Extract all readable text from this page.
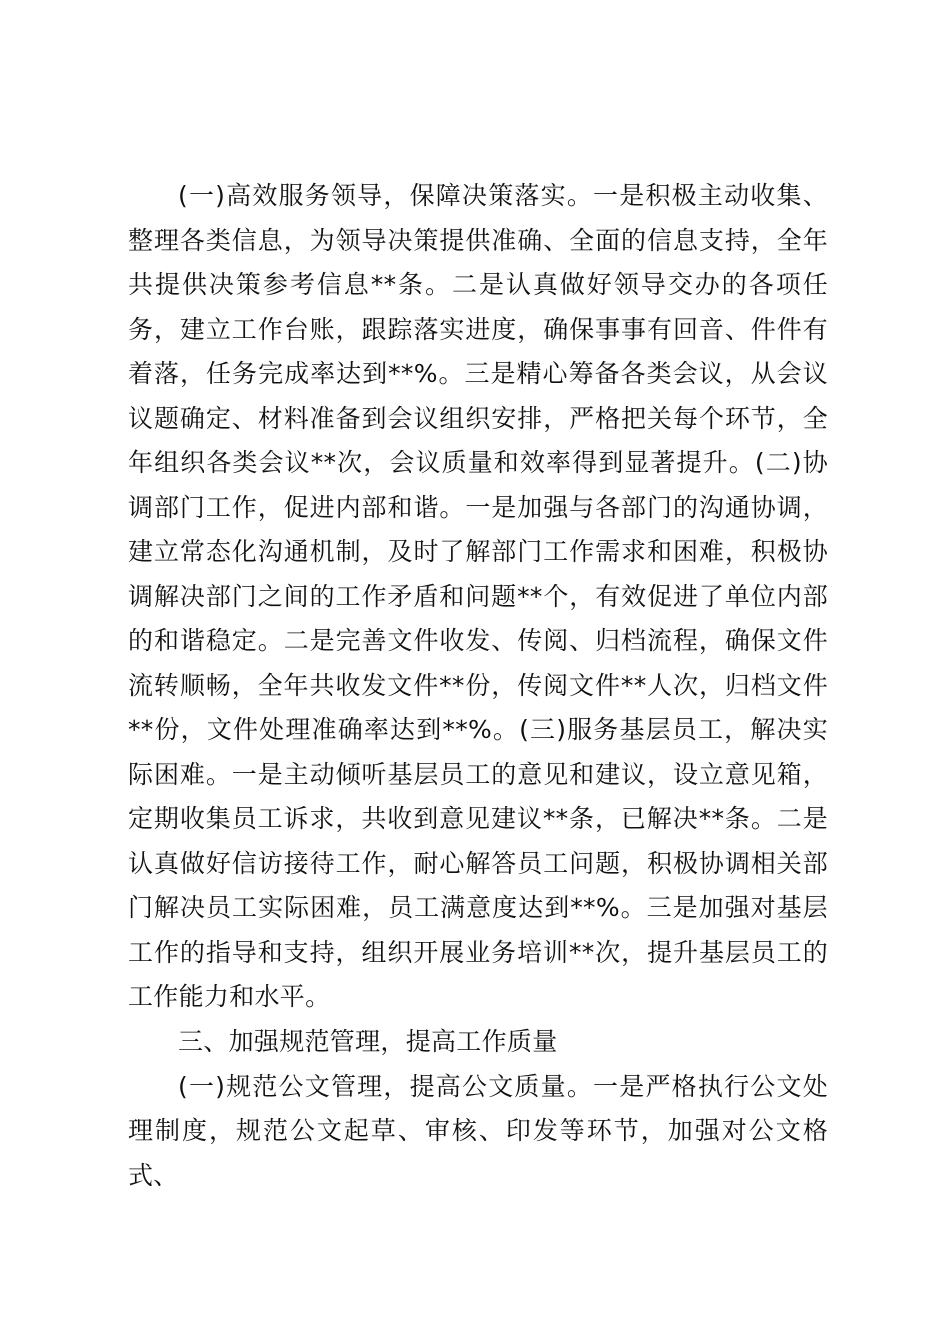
(一)高效服务领导，保障决策落实。一是积极主动收集、整理各类信息，为领导决策提供准确、全面的信息支持，全年共提供决策参考信息**条。二是认真做好领导交办的各项任务，建立工作台账，跟踪落实进度，确保事事有回音、件件有着落，任务完成率达到**%。三是精心筹备各类会议，从会议议题确定、材料准备到会议组织安排，严格把关每个环节，全年组织各类会议**次，会议质量和效率得到显著提升。(二)协调部门工作，促进内部和谐。一是加强与各部门的沟通协调，建立常态化沟通机制，及时了解部门工作需求和困难，积极协调解决部门之间的工作矛盾和问题**个，有效促进了单位内部的和谐稳定。二是完善文件收发、传阅、归档流程，确保文件流转顺畅，全年共收发文件**份，传阅文件**人次，归档文件**份，文件处理准确率达到**%。(三)服务基层员工，解决实际困难。一是主动倾听基层员工的意见和建议，设立意见箱，定期收集员工诉求，共收到意见建议**条，已解决**条。二是认真做好信访接待工作，耐心解答员工问题，积极协调相关部门解决员工实际困难，员工满意度达到**%。三是加强对基层工作的指导和支持，组织开展业务培训**次，提升基层员工的工作能力和水平。

三、加强规范管理，提高工作质量

(一)规范公文管理，提高公文质量。一是严格执行公文处理制度，规范公文起草、审核、印发等环节，加强对公文格式、
